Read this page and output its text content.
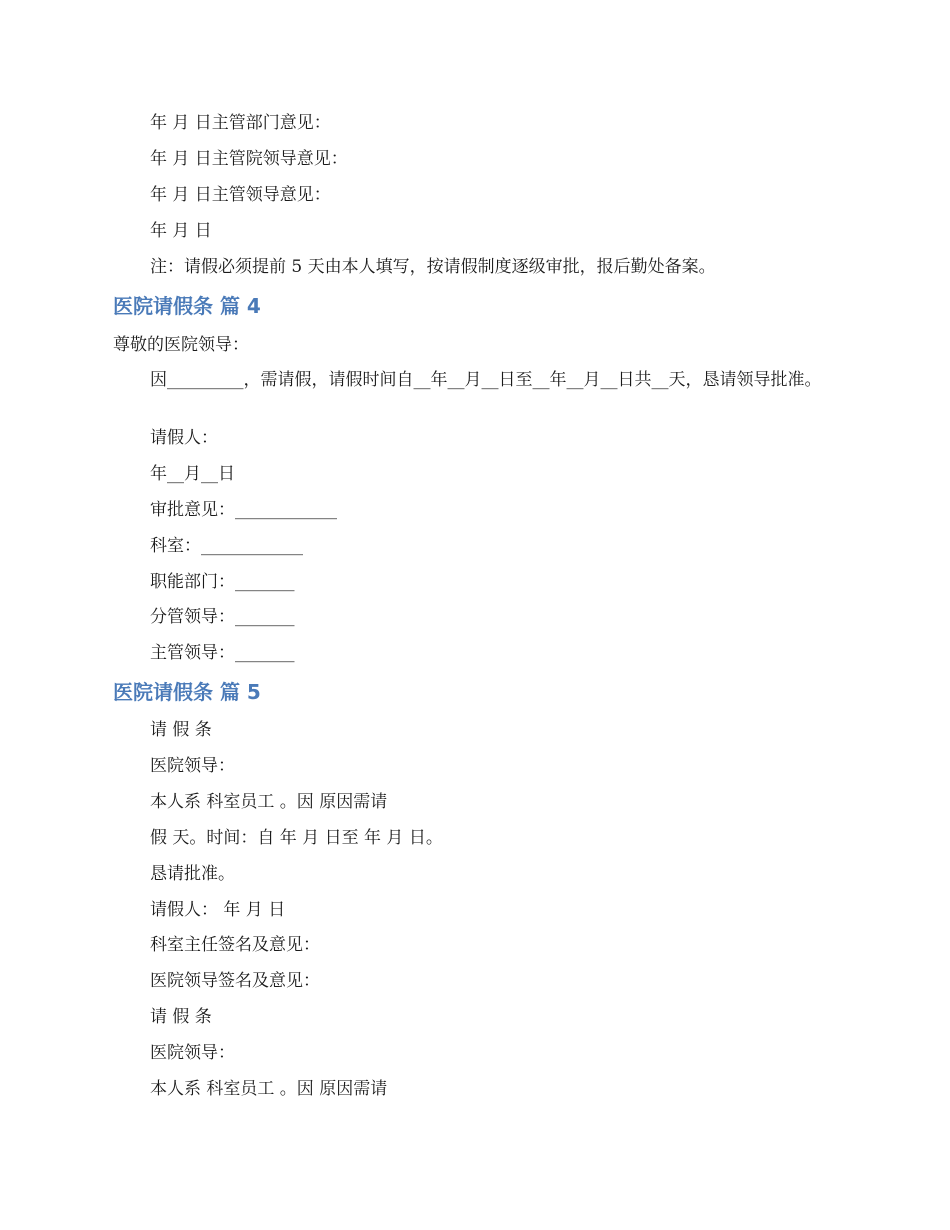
年 月 日主管部门意见：
年 月 日主管院领导意见：
年 月 日主管领导意见：
年 月 日
注：请假必须提前 5 天由本人填写，按请假制度逐级审批，报后勤处备案。
医院请假条 篇 4
尊敬的医院领导：
因_________，需请假，请假时间自__年__月__日至__年__月__日共__天，恳请领导批准。
请假人：
年__月__日
审批意见：____________
科室：____________
职能部门：_______
分管领导：_______
主管领导：_______
医院请假条 篇 5
请 假 条
医院领导：
本人系 科室员工 。因 原因需请
假 天。时间：自 年 月 日至 年 月 日。
恳请批准。
请假人： 年 月 日
科室主任签名及意见：
医院领导签名及意见：
请 假 条
医院领导：
本人系 科室员工 。因 原因需请
